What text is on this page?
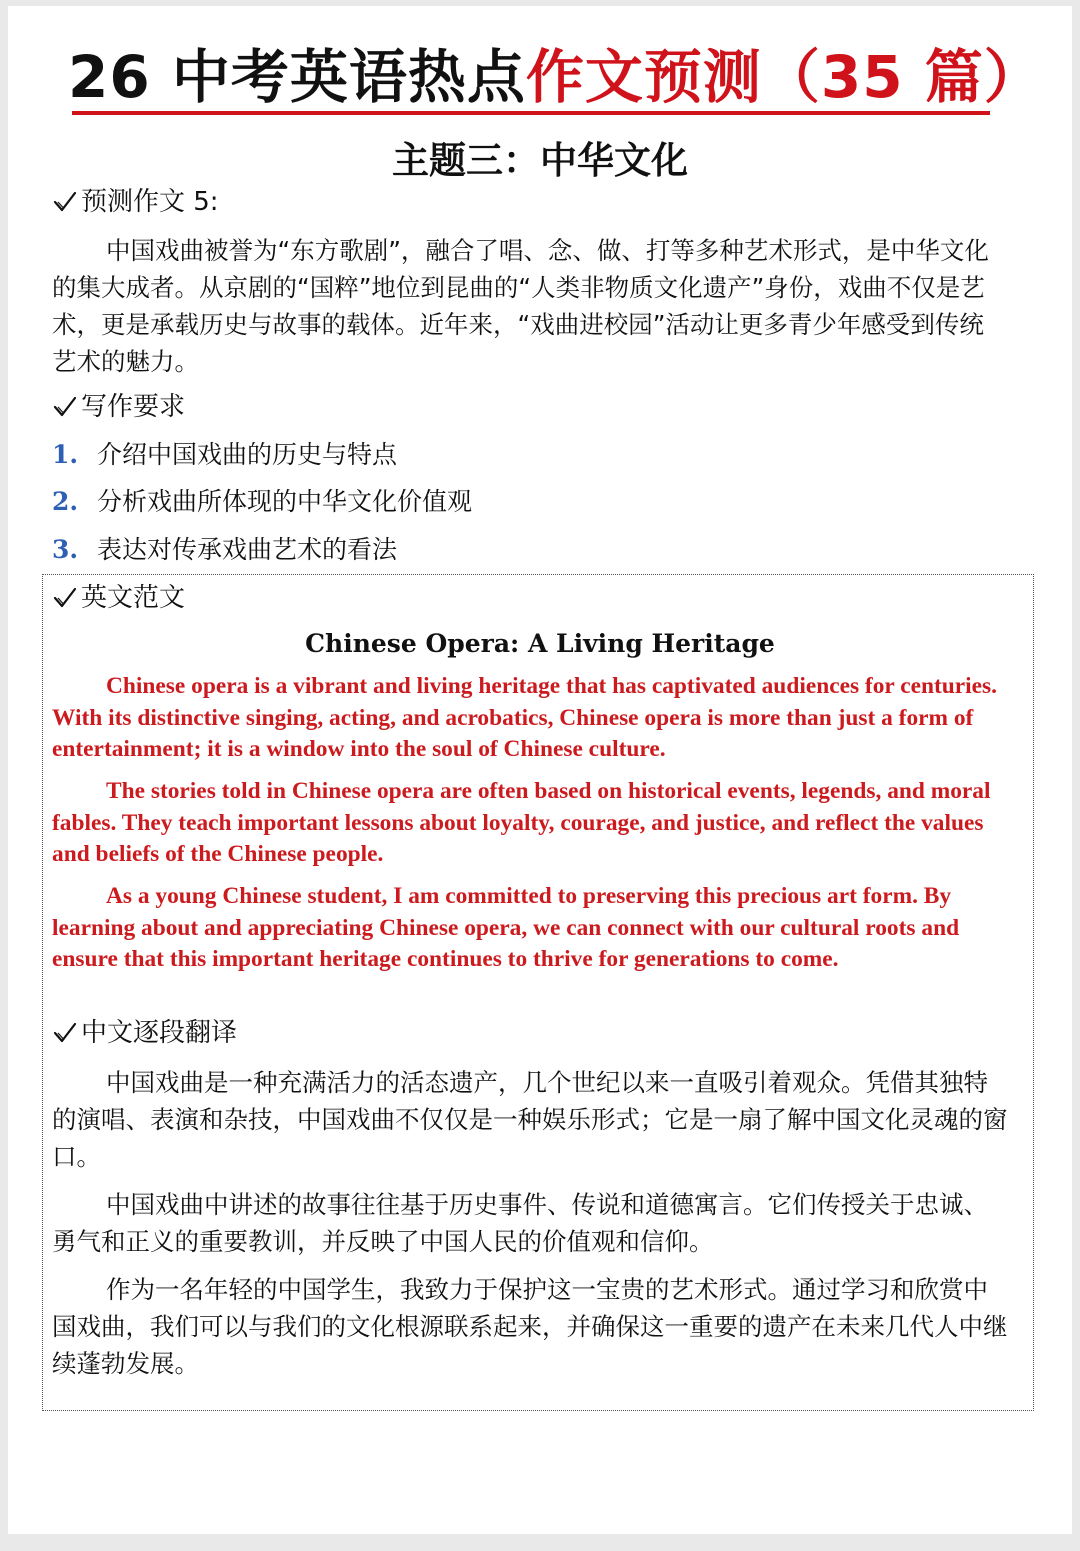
26 中考英语热点作文预测（35 篇）
主题三：中华文化
预测作文 5:
中国戏曲被誉为“东方歌剧”，融合了唱、念、做、打等多种艺术形式，是中华文化的集大成者。从京剧的“国粹”地位到昆曲的“人类非物质文化遗产”身份，戏曲不仅是艺术，更是承载历史与故事的载体。近年来，“戏曲进校园”活动让更多青少年感受到传统艺术的魅力。
写作要求
1. 介绍中国戏曲的历史与特点
2. 分析戏曲所体现的中华文化价值观
3. 表达对传承戏曲艺术的看法
英文范文
Chinese Opera: A Living Heritage
Chinese opera is a vibrant and living heritage that has captivated audiences for centuries. With its distinctive singing, acting, and acrobatics, Chinese opera is more than just a form of entertainment; it is a window into the soul of Chinese culture.
The stories told in Chinese opera are often based on historical events, legends, and moral fables. They teach important lessons about loyalty, courage, and justice, and reflect the values and beliefs of the Chinese people.
As a young Chinese student, I am committed to preserving this precious art form. By learning about and appreciating Chinese opera, we can connect with our cultural roots and ensure that this important heritage continues to thrive for generations to come.
中文逐段翻译
中国戏曲是一种充满活力的活态遗产，几个世纪以来一直吸引着观众。凭借其独特的演唱、表演和杂技，中国戏曲不仅仅是一种娱乐形式；它是一扇了解中国文化灵魂的窗口。
中国戏曲中讲述的故事往往基于历史事件、传说和道德寓言。它们传授关于忠诚、勇气和正义的重要教训，并反映了中国人民的价值观和信仰。
作为一名年轻的中国学生，我致力于保护这一宝贵的艺术形式。通过学习和欣赏中国戏曲，我们可以与我们的文化根源联系起来，并确保这一重要的遗产在未来几代人中继续蓬勃发展。
